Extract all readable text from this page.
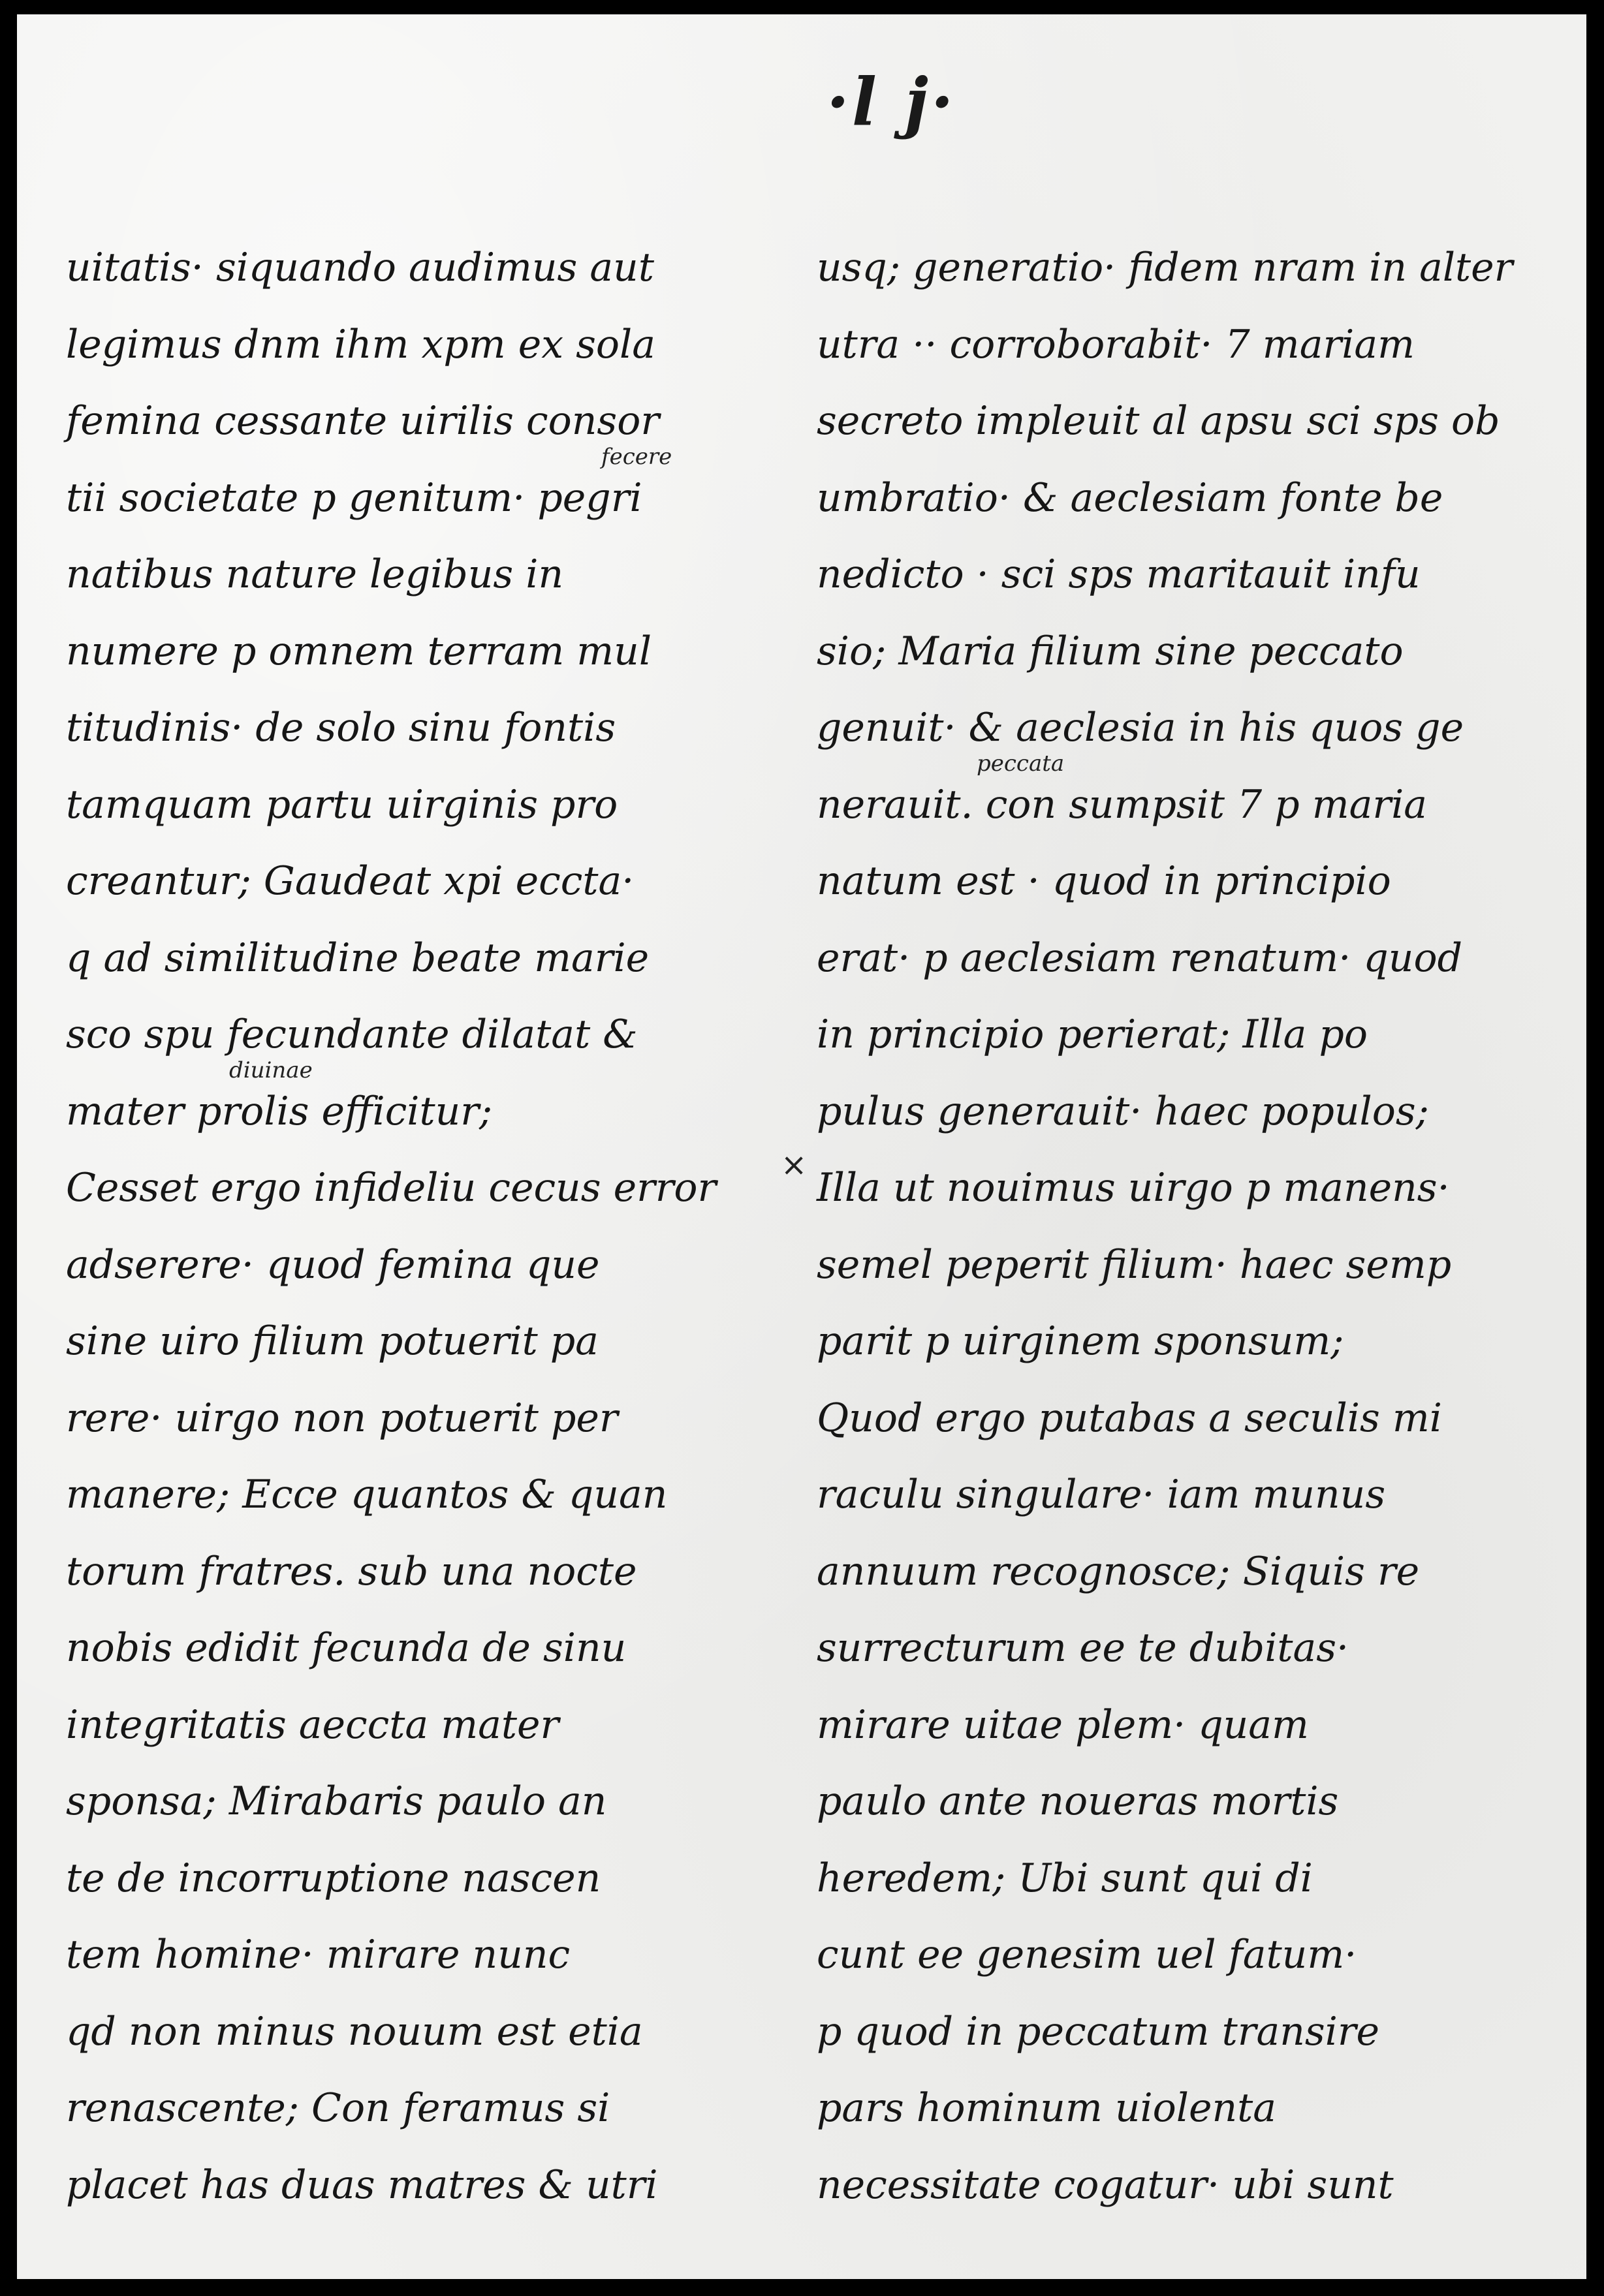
·l j·
uitatis· siquando audimus aut
legimus dnm ihm xpm ex sola
femina cessante uirilis consor
tii societate p genitum· pegri
fecere
natibus nature legibus in
numere p omnem terram mul
titudinis· de solo sinu fontis
tamquam partu uirginis pro
creantur; Gaudeat xpi eccta·
q ad similitudine beate marie
sco spu fecundante dilatat &
mater prolis efficitur;
diuinae
Cesset ergo infideliu cecus error
adserere· quod femina que
sine uiro filium potuerit pa
rere· uirgo non potuerit per
manere; Ecce quantos & quan
torum fratres. sub una nocte
nobis edidit fecunda de sinu
integritatis aeccta mater
sponsa; Mirabaris paulo an
te de incorruptione nascen
tem homine· mirare nunc
qd non minus nouum est etia
renascente; Con feramus si
placet has duas matres & utri
×
usq; generatio· fidem nram in alter
utra ·· corroborabit· 7 mariam
secreto impleuit al apsu sci sps ob
umbratio· & aeclesiam fonte be
nedicto · sci sps maritauit infu
sio; Maria filium sine peccato
genuit· & aeclesia in his quos ge
nerauit. con sumpsit 7 p maria
peccata
natum est · quod in principio
erat· p aeclesiam renatum· quod
in principio perierat; Illa po
pulus generauit· haec populos;
Illa ut nouimus uirgo p manens·
semel peperit filium· haec semp
parit p uirginem sponsum;
Quod ergo putabas a seculis mi
raculu singulare· iam munus
annuum recognosce; Siquis re
surrecturum ee te dubitas·
mirare uitae plem· quam
paulo ante noueras mortis
heredem; Ubi sunt qui di
cunt ee genesim uel fatum·
p quod in peccatum transire
pars hominum uiolenta
necessitate cogatur· ubi sunt
